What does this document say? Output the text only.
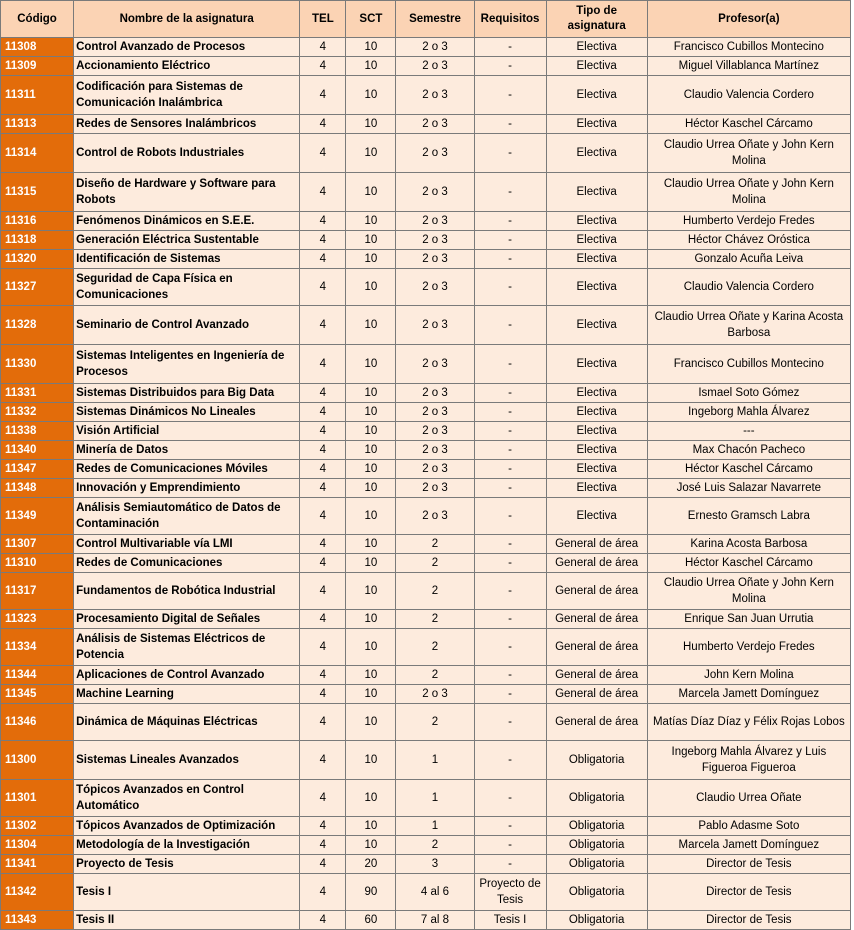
Código	Nombre de la asignatura	TEL	SCT	Semestre	Requisitos	Tipo de asignatura	Profesor(a)
11308	Control Avanzado de Procesos	4	10	2 o 3	-	Electiva	Francisco Cubillos Montecino
11309	Accionamiento Eléctrico	4	10	2 o 3	-	Electiva	Miguel Villablanca Martínez
11311	Codificación para Sistemas de Comunicación Inalámbrica	4	10	2 o 3	-	Electiva	Claudio Valencia Cordero
11313	Redes de Sensores Inalámbricos	4	10	2 o 3	-	Electiva	Héctor Kaschel Cárcamo
11314	Control de Robots Industriales	4	10	2 o 3	-	Electiva	Claudio Urrea Oñate y John Kern Molina
11315	Diseño de Hardware y Software para Robots	4	10	2 o 3	-	Electiva	Claudio Urrea Oñate y John Kern Molina
11316	Fenómenos Dinámicos en S.E.E.	4	10	2 o 3	-	Electiva	Humberto Verdejo Fredes
11318	Generación Eléctrica Sustentable	4	10	2 o 3	-	Electiva	Héctor Chávez Oróstica
11320	Identificación de Sistemas	4	10	2 o 3	-	Electiva	Gonzalo Acuña Leiva
11327	Seguridad de Capa Física en Comunicaciones	4	10	2 o 3	-	Electiva	Claudio Valencia Cordero
11328	Seminario de Control Avanzado	4	10	2 o 3	-	Electiva	Claudio Urrea Oñate y Karina Acosta Barbosa
11330	Sistemas Inteligentes en Ingeniería de Procesos	4	10	2 o 3	-	Electiva	Francisco Cubillos Montecino
11331	Sistemas Distribuidos para Big Data	4	10	2 o 3	-	Electiva	Ismael Soto Gómez
11332	Sistemas Dinámicos No Lineales	4	10	2 o 3	-	Electiva	Ingeborg Mahla Álvarez
11338	Visión Artificial	4	10	2 o 3	-	Electiva	---
11340	Minería de Datos	4	10	2 o 3	-	Electiva	Max Chacón Pacheco
11347	Redes de Comunicaciones Móviles	4	10	2 o 3	-	Electiva	Héctor Kaschel Cárcamo
11348	Innovación y Emprendimiento	4	10	2 o 3	-	Electiva	José Luis Salazar Navarrete
11349	Análisis Semiautomático de Datos de Contaminación	4	10	2 o 3	-	Electiva	Ernesto Gramsch Labra
11307	Control Multivariable vía LMI	4	10	2	-	General de área	Karina Acosta Barbosa
11310	Redes de Comunicaciones	4	10	2	-	General de área	Héctor Kaschel Cárcamo
11317	Fundamentos de Robótica Industrial	4	10	2	-	General de área	Claudio Urrea Oñate y John Kern Molina
11323	Procesamiento Digital de Señales	4	10	2	-	General de área	Enrique San Juan Urrutia
11334	Análisis de Sistemas Eléctricos de Potencia	4	10	2	-	General de área	Humberto Verdejo Fredes
11344	Aplicaciones de Control Avanzado	4	10	2	-	General de área	John Kern Molina
11345	Machine Learning	4	10	2 o 3	-	General de área	Marcela Jamett Domínguez
11346	Dinámica de Máquinas Eléctricas	4	10	2	-	General de área	Matías Díaz Díaz y Félix Rojas Lobos
11300	Sistemas Lineales Avanzados	4	10	1	-	Obligatoria	Ingeborg Mahla Álvarez y Luis Figueroa Figueroa
11301	Tópicos Avanzados en Control Automático	4	10	1	-	Obligatoria	Claudio Urrea Oñate
11302	Tópicos Avanzados de Optimización	4	10	1	-	Obligatoria	Pablo Adasme Soto
11304	Metodología de la Investigación	4	10	2	-	Obligatoria	Marcela Jamett Domínguez
11341	Proyecto de Tesis	4	20	3	-	Obligatoria	Director de Tesis
11342	Tesis I	4	90	4 al 6	Proyecto de Tesis	Obligatoria	Director de Tesis
11343	Tesis II	4	60	7 al 8	Tesis I	Obligatoria	Director de Tesis
